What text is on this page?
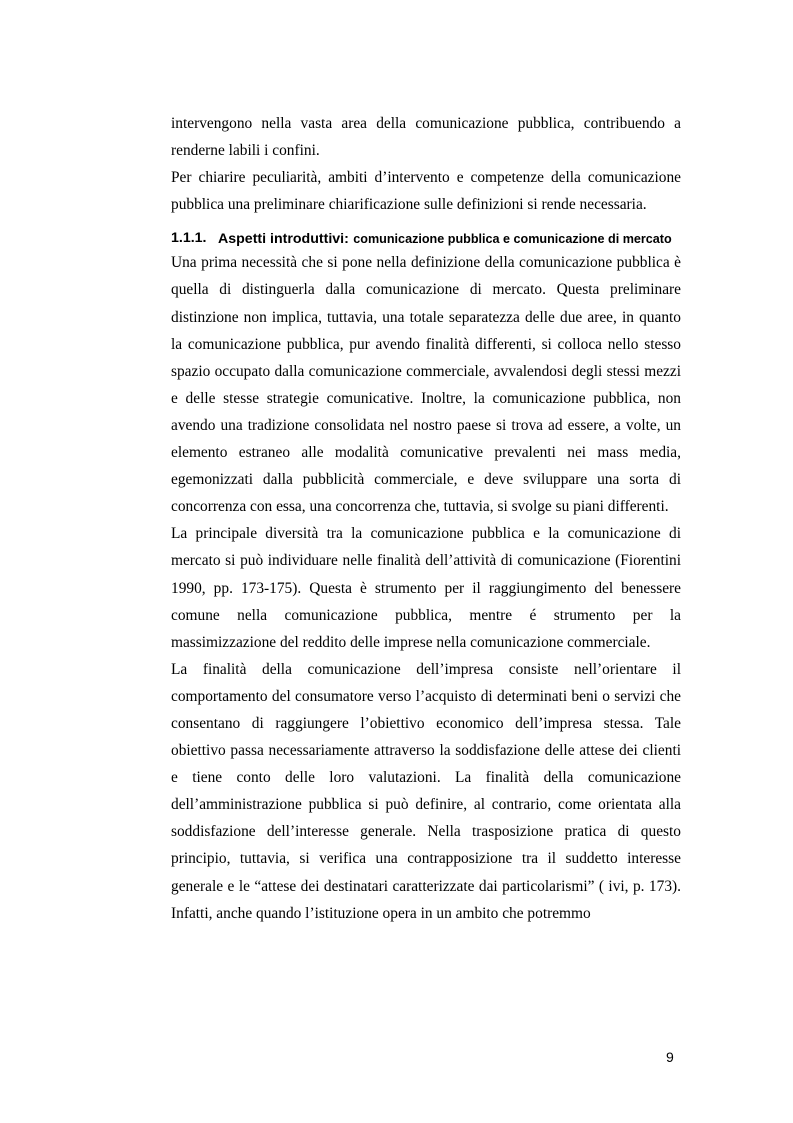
intervengono nella vasta area della comunicazione pubblica, contribuendo a renderne labili i confini.

Per chiarire peculiarità, ambiti d’intervento e competenze della comunicazione pubblica una preliminare chiarificazione sulle definizioni si rende necessaria.

1.1.1. Aspetti introduttivi: comunicazione pubblica e comunicazione di mercato

Una prima necessità che si pone nella definizione della comunicazione pubblica è quella di distinguerla dalla comunicazione di mercato. Questa preliminare distinzione non implica, tuttavia, una totale separatezza delle due aree, in quanto la comunicazione pubblica, pur avendo finalità differenti, si colloca nello stesso spazio occupato dalla comunicazione commerciale, avvalendosi degli stessi mezzi e delle stesse strategie comunicative. Inoltre, la comunicazione pubblica, non avendo una tradizione consolidata nel nostro paese si trova ad essere, a volte, un elemento estraneo alle modalità comunicative prevalenti nei mass media, egemonizzati dalla pubblicità commerciale, e deve sviluppare una sorta di concorrenza con essa, una concorrenza che, tuttavia, si svolge su piani differenti.

La principale diversità tra la comunicazione pubblica e la comunicazione di mercato si può individuare nelle finalità dell’attività di comunicazione (Fiorentini 1990, pp. 173-175). Questa è strumento per il raggiungimento del benessere comune nella comunicazione pubblica, mentre é strumento per la massimizzazione del reddito delle imprese nella comunicazione commerciale.

La finalità della comunicazione dell’impresa consiste nell’orientare il comportamento del consumatore verso l’acquisto di determinati beni o servizi che consentano di raggiungere l’obiettivo economico dell’impresa stessa. Tale obiettivo passa necessariamente attraverso la soddisfazione delle attese dei clienti e tiene conto delle loro valutazioni. La finalità della comunicazione dell’amministrazione pubblica si può definire, al contrario, come orientata alla soddisfazione dell’interesse generale. Nella trasposizione pratica di questo principio, tuttavia, si verifica una contrapposizione tra il suddetto interesse generale e le “attese dei destinatari caratterizzate dai particolarismi” ( ivi, p. 173). Infatti, anche quando l’istituzione opera in un ambito che potremmo

9
